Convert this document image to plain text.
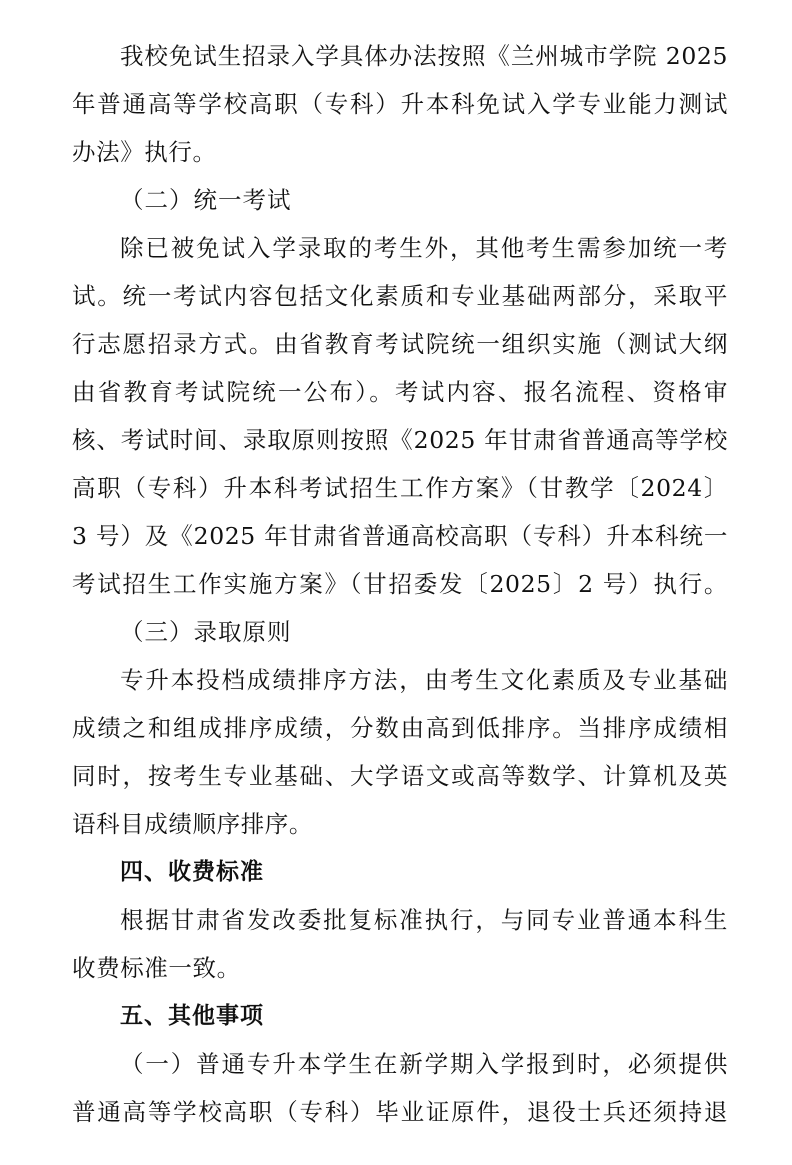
我校免试生招录入学具体办法按照《兰州城市学院 2025
年普通高等学校高职（专科）升本科免试入学专业能力测试
办法》执行。
（二）统一考试
除已被免试入学录取的考生外，其他考生需参加统一考
试。统一考试内容包括文化素质和专业基础两部分，采取平
行志愿招录方式。由省教育考试院统一组织实施（测试大纲
由省教育考试院统一公布）。考试内容、报名流程、资格审
核、考试时间、录取原则按照《2025 年甘肃省普通高等学校
高职（专科）升本科考试招生工作方案》（甘教学〔2024〕
3 号）及《2025 年甘肃省普通高校高职（专科）升本科统一
考试招生工作实施方案》（甘招委发〔2025〕2 号）执行。
（三）录取原则
专升本投档成绩排序方法，由考生文化素质及专业基础
成绩之和组成排序成绩，分数由高到低排序。当排序成绩相
同时，按考生专业基础、大学语文或高等数学、计算机及英
语科目成绩顺序排序。
四、收费标准
根据甘肃省发改委批复标准执行，与同专业普通本科生
收费标准一致。
五、其他事项
（一）普通专升本学生在新学期入学报到时，必须提供
普通高等学校高职（专科）毕业证原件，退役士兵还须持退
